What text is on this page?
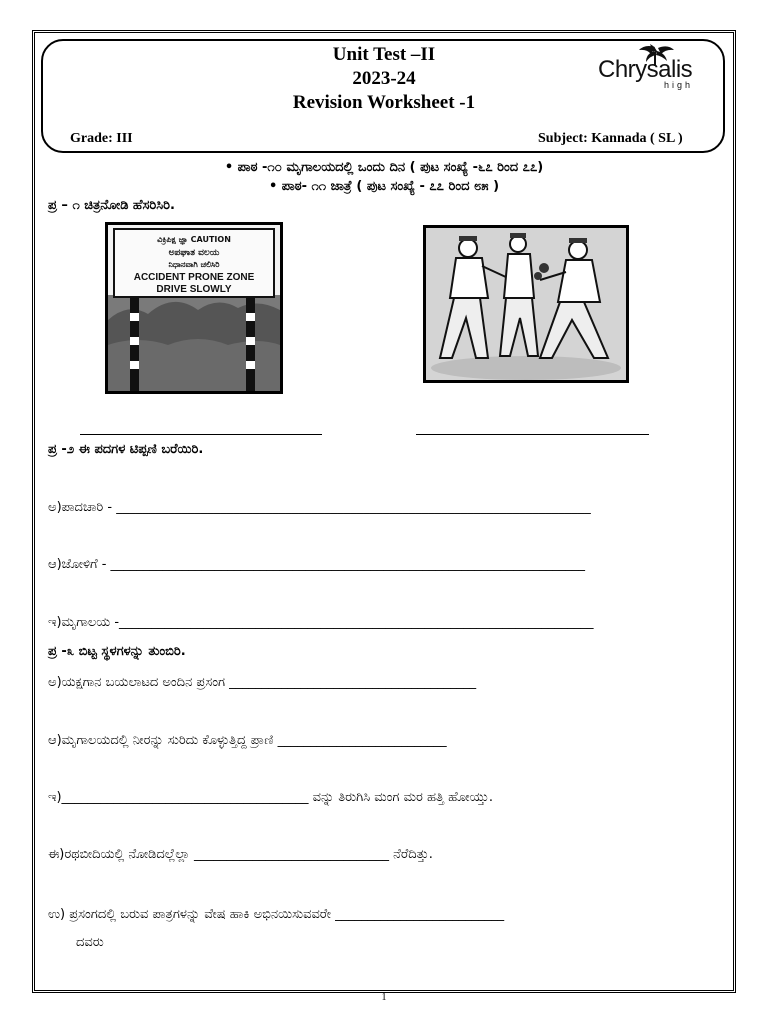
Unit Test –II
2023-24
Revision Worksheet -1
Chrysalis
high
Grade: III	Subject: Kannada ( SL )
• ಪಾಠ -೧೦ ಮೃಗಾಲಯದಲ್ಲಿ ಒಂದು ದಿನ ( ಪುಟ ಸಂಖ್ಯೆ -೬೭ ರಿಂದ ೭೭)
• ಪಾಠ- ೧೧ ಜಾತ್ರೆ ( ಪುಟ ಸಂಖ್ಯೆ - ೭೭ ರಿಂದ ೮೫ )
ಪ್ರ – ೧ ಚಿತ್ರನೋಡಿ ಹೆಸರಿಸಿರಿ.
ವಿಕ್ರಿಪಿಕ್ಷ ಜ್ಞಾ CAUTION
ಅಪಘಾತ ವಲಯ
ನಿಧಾನವಾಗಿ ಚಲಿಸಿರಿ
ACCIDENT PRONE ZONE
DRIVE SLOWLY
ಪ್ರ -೨ ಈ ಪದಗಳ ಟಿಪ್ಪಣಿ ಬರೆಯಿರಿ.
ಅ)ಪಾದಚಾರಿ - _________________________________________________________________________
ಆ)ಜೋಳಿಗೆ - _________________________________________________________________________
ಇ)ಮೃಗಾಲಯ -_________________________________________________________________________
ಪ್ರ -೩ ಬಿಟ್ಟ ಸ್ಥಳಗಳನ್ನು ತುಂಬಿರಿ.
ಅ)ಯಕ್ಷಗಾನ ಬಯಲಾಟದ ಅಂದಿನ ಪ್ರಸಂಗ ______________________________________
ಆ)ಮೃಗಾಲಯದಲ್ಲಿ ನೀರನ್ನು ಸುರಿದು ಕೊಳ್ಳುತ್ತಿದ್ದ ಪ್ರಾಣಿ __________________________
ಇ)______________________________________ ವನ್ನು ತಿರುಗಿಸಿ ಮಂಗ ಮರ ಹತ್ತಿ ಹೋಯ್ತು.
ಈ)ರಥಬೀದಿಯಲ್ಲಿ ನೋಡಿದಲ್ಲೆಲ್ಲಾ ______________________________ ನೆರೆದಿತ್ತು.
ಉ) ಪ್ರಸಂಗದಲ್ಲಿ ಬರುವ ಪಾತ್ರಗಳನ್ನು ವೇಷ ಹಾಕಿ ಅಭಿನಯಿಸುವವರೇ __________________________
ದವರು
1
